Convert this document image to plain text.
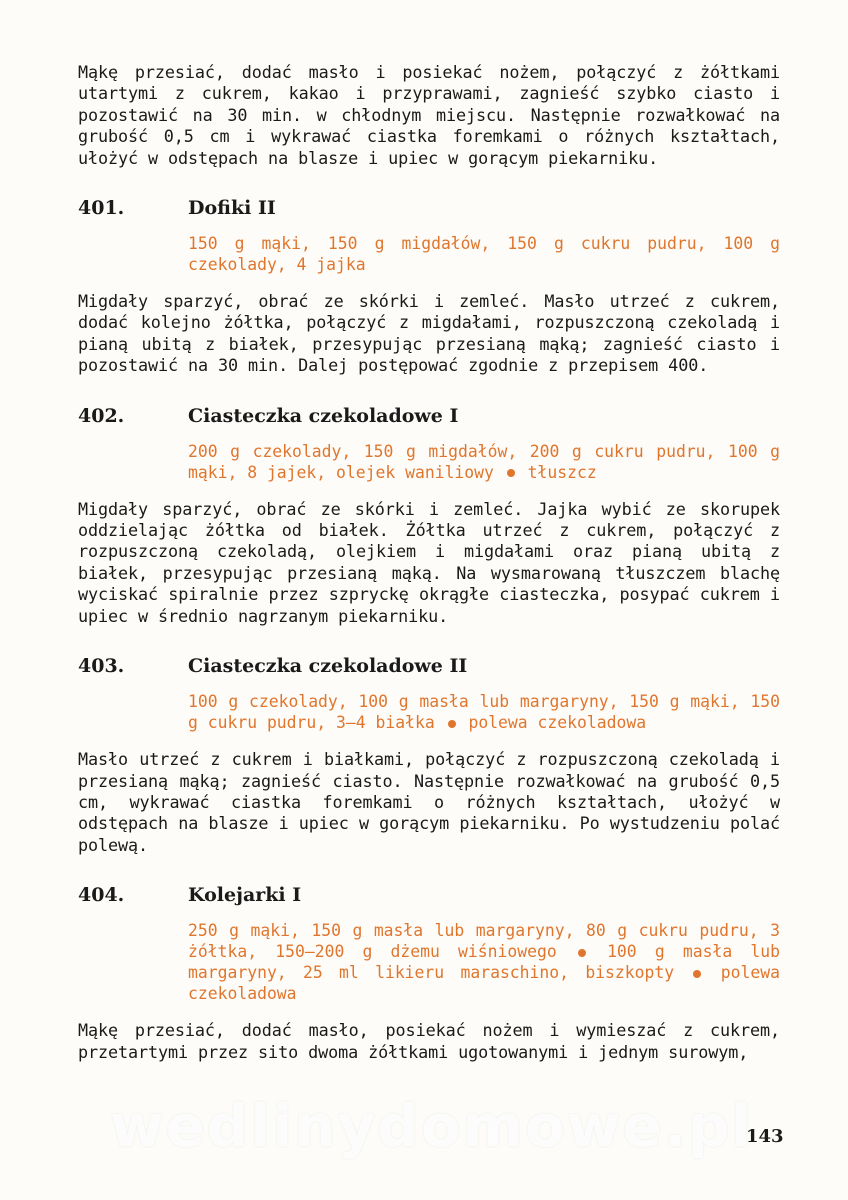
Mąkę przesiać, dodać masło i posiekać nożem, połączyć z żółtkami utartymi z cukrem, kakao i przyprawami, zagnieść szybko ciasto i pozostawić na 30 min. w chłodnym miejscu. Następnie rozwałkować na grubość 0,5 cm i wykrawać ciastka foremkami o różnych kształtach, ułożyć w odstępach na blasze i upiec w gorącym piekarniku.

401.	Dofiki II
150 g mąki, 150 g migdałów, 150 g cukru pudru, 100 g czekolady, 4 jajka

Migdały sparzyć, obrać ze skórki i zemleć. Masło utrzeć z cukrem, dodać kolejno żółtka, połączyć z migdałami, rozpuszczoną czekoladą i pianą ubitą z białek, przesypując przesianą mąką; zagnieść ciasto i pozostawić na 30 min. Dalej postępować zgodnie z przepisem 400.

402.	Ciasteczka czekoladowe I
200 g czekolady, 150 g migdałów, 200 g cukru pudru, 100 g mąki, 8 jajek, olejek waniliowy tłuszcz

Migdały sparzyć, obrać ze skórki i zemleć. Jajka wybić ze skorupek oddzielając żółtka od białek. Żółtka utrzeć z cukrem, połączyć z rozpuszczoną czekoladą, olejkiem i migdałami oraz pianą ubitą z białek, przesypując przesianą mąką. Na wysmarowaną tłuszczem blachę wyciskać spiralnie przez szpryckę okrągłe ciasteczka, posypać cukrem i upiec w średnio nagrzanym piekarniku.

403.	Ciasteczka czekoladowe II
100 g czekolady, 100 g masła lub margaryny, 150 g mąki, 150 g cukru pudru, 3—4 białka polewa czekoladowa

Masło utrzeć z cukrem i białkami, połączyć z rozpuszczoną czekoladą i przesianą mąką; zagnieść ciasto. Następnie rozwałkować na grubość 0,5 cm, wykrawać ciastka foremkami o różnych kształtach, ułożyć w odstępach na blasze i upiec w gorącym piekarniku. Po wystudzeniu polać polewą.

404.	Kolejarki I
250 g mąki, 150 g masła lub margaryny, 80 g cukru pudru, 3 żółtka, 150—200 g dżemu wiśniowego	100 g masła lub margaryny, 25 ml likieru maraschino, biszkopty	polewa czekoladowa

Mąkę przesiać, dodać masło, posiekać nożem i wymieszać z cukrem, przetartymi przez sito dwoma żółtkami ugotowanymi i jednym surowym,

wedlinydomowe.pl
143
